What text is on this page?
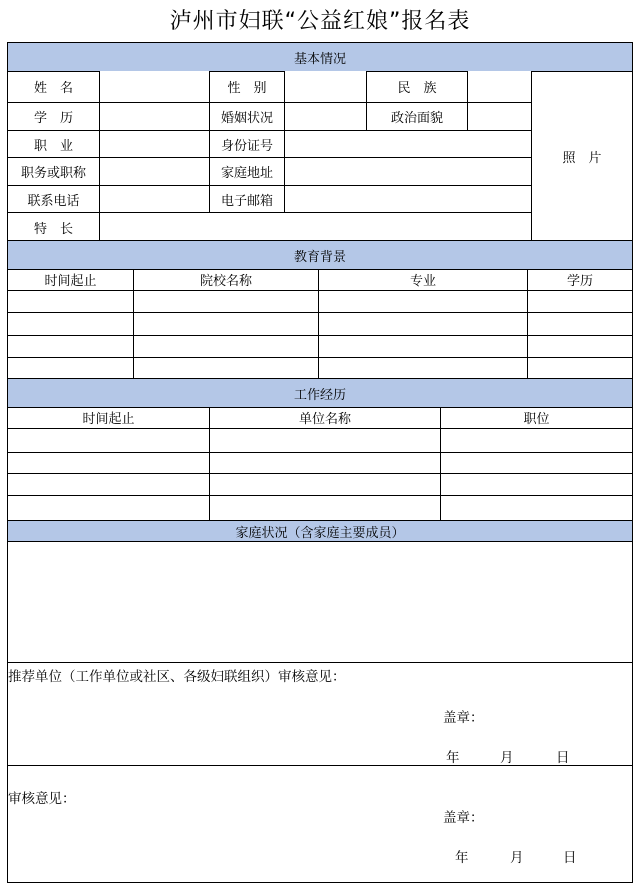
泸州市妇联“公益红娘”报名表
基本情况
姓　名	性　别	民　族
学　历	婚姻状况	政治面貌
职　业	身份证号
职务或职称	家庭地址
联系电话	电子邮箱
特　长
照　片
教育背景
时间起止	院校名称	专业	学历
工作经历
时间起止	单位名称	职位
家庭状况（含家庭主要成员）
推荐单位（工作单位或社区、各级妇联组织）审核意见：
盖章：
年	月	日
审核意见：
盖章：
年	月	日
